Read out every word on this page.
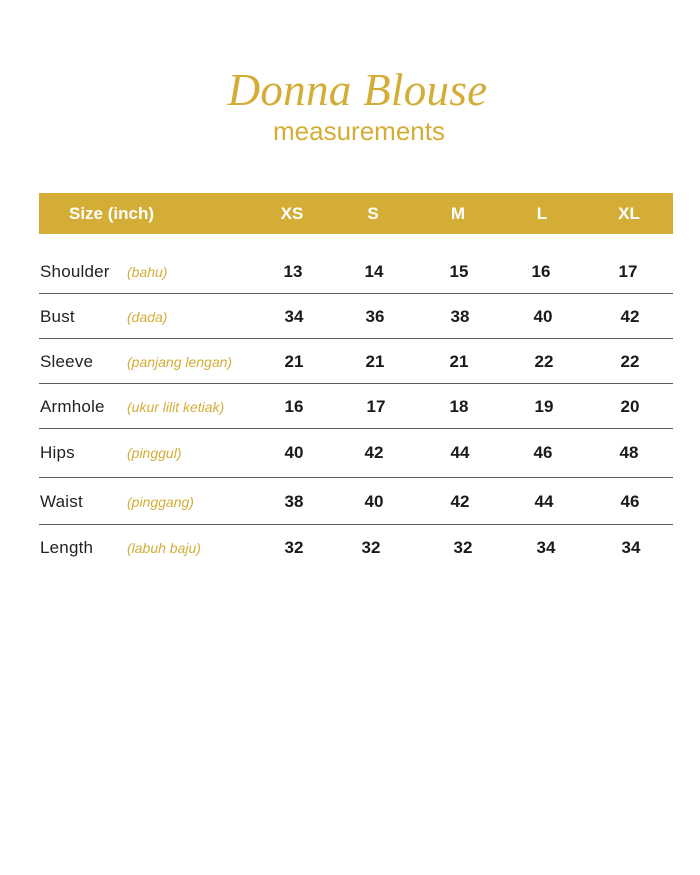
Donna Blouse
measurements
Size (inch)	XS	S	M	L	XL
Shoulder (bahu)	13	14	15	16	17
Bust	(dada)	34	36	38	40	42
Sleeve (panjang lengan)	21	21	21	22	22
Armhole (ukur lilit ketiak)	16	17	18	19	20
Hips	(pinggul)	40	42	44	46	48
Waist	(pinggang)	38	40	42	44	46
Length (labuh baju)	32	32	32	34	34
